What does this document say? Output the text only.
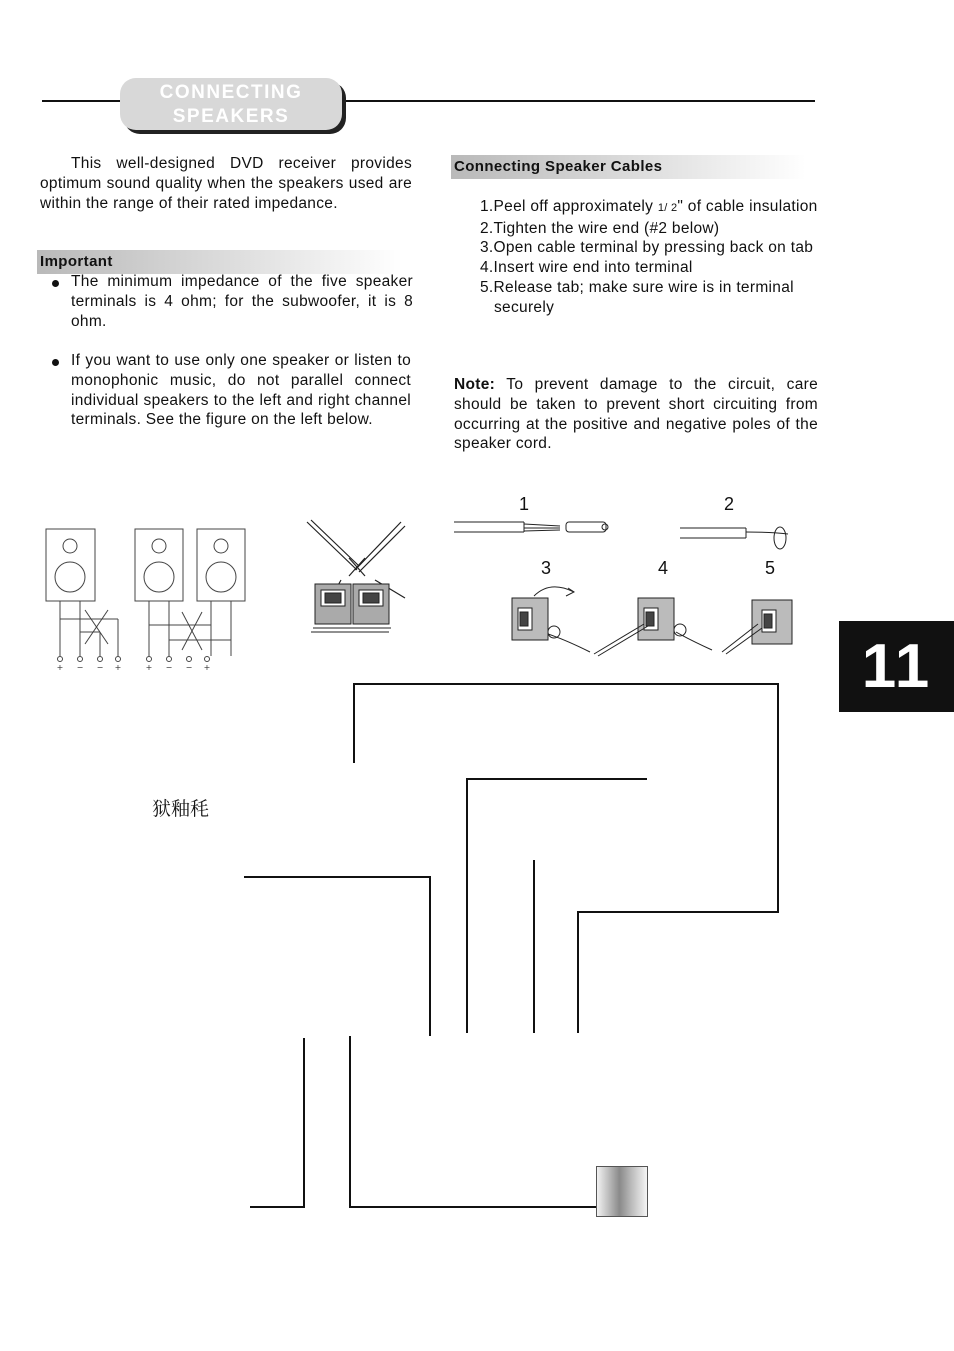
CONNECTING
SPEAKERS
This well-designed DVD receiver provides optimum sound quality when the speakers used are within the range of their rated impedance.
Important
The minimum impedance of the five speaker terminals is 4 ohm; for the subwoofer, it is 8 ohm.
If you want to use only one speaker or listen to monophonic music, do not parallel connect individual speakers to the left and right channel terminals. See the figure on the left below.
Connecting Speaker Cables
1.Peel off approximately 1/ 2" of cable insulation
2.Tighten the wire end (#2 below)
3.Open cable terminal by pressing back on tab
4.Insert wire end into terminal
5.Release tab; make sure wire is in terminal securely
Note: To prevent damage to the circuit, care should be taken to prevent short circuiting from occurring at the positive and negative poles of the speaker cord.
+ − − +	+ − − +
1	2
3	4	5
11
狱釉秏
